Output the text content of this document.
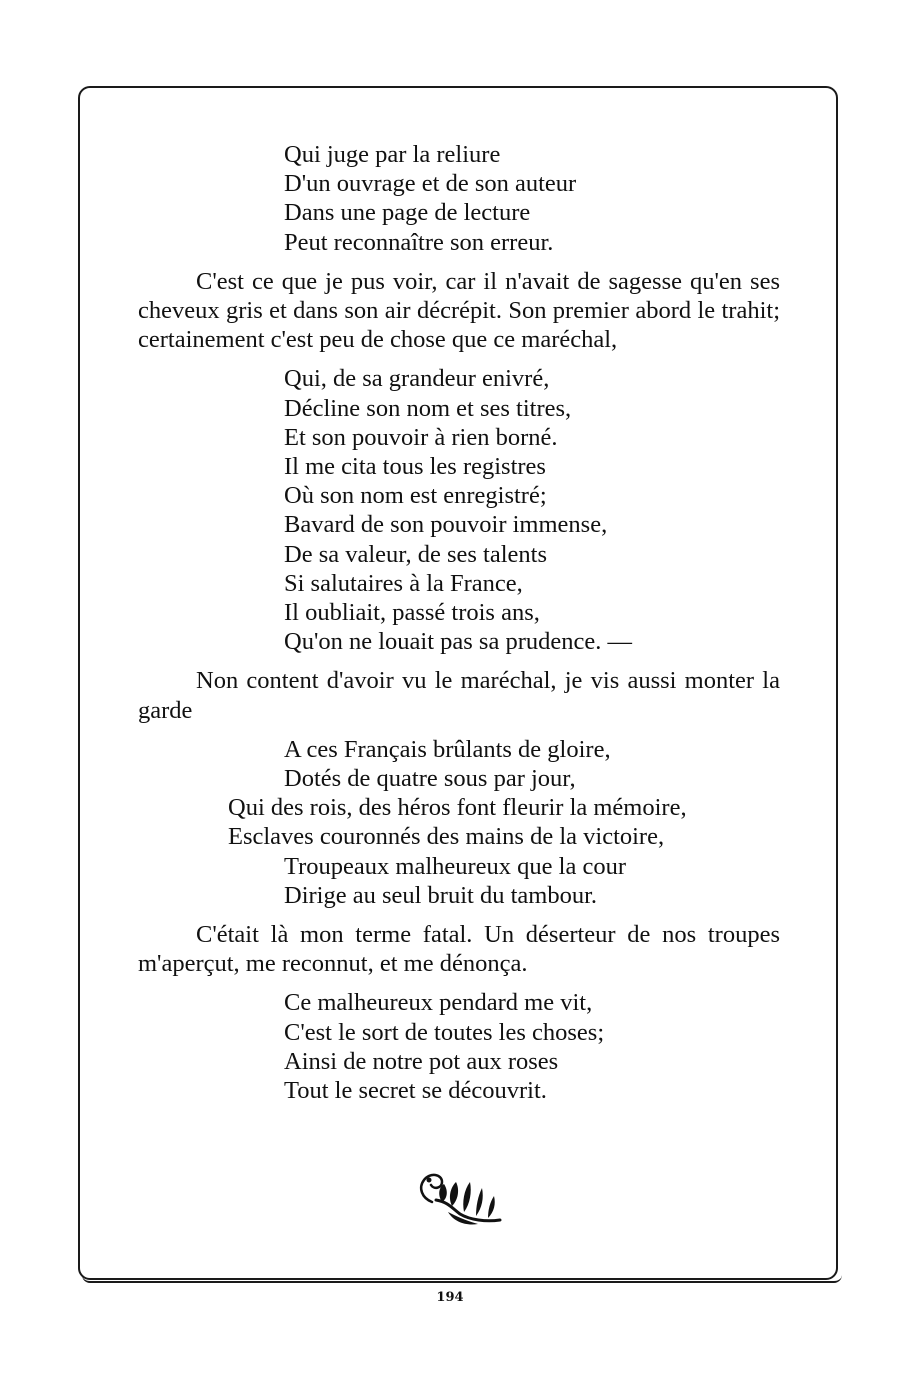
Qui juge par la reliure
D'un ouvrage et de son auteur
Dans une page de lecture
Peut reconnaître son erreur.

C'est ce que je pus voir, car il n'avait de sagesse qu'en ses cheveux gris et dans son air décrépit. Son premier abord le trahit; certainement c'est peu de chose que ce maréchal,

Qui, de sa grandeur enivré,
Décline son nom et ses titres,
Et son pouvoir à rien borné.
Il me cita tous les registres
Où son nom est enregistré;
Bavard de son pouvoir immense,
De sa valeur, de ses talents
Si salutaires à la France,
Il oubliait, passé trois ans,
Qu'on ne louait pas sa prudence. —

Non content d'avoir vu le maréchal, je vis aussi monter la garde

A ces Français brûlants de gloire,
Dotés de quatre sous par jour,
Qui des rois, des héros font fleurir la mémoire,
Esclaves couronnés des mains de la victoire,
Troupeaux malheureux que la cour
Dirige au seul bruit du tambour.

C'était là mon terme fatal. Un déserteur de nos troupes m'aperçut, me reconnut, et me dénonça.

Ce malheureux pendard me vit,
C'est le sort de toutes les choses;
Ainsi de notre pot aux roses
Tout le secret se découvrit.
194
